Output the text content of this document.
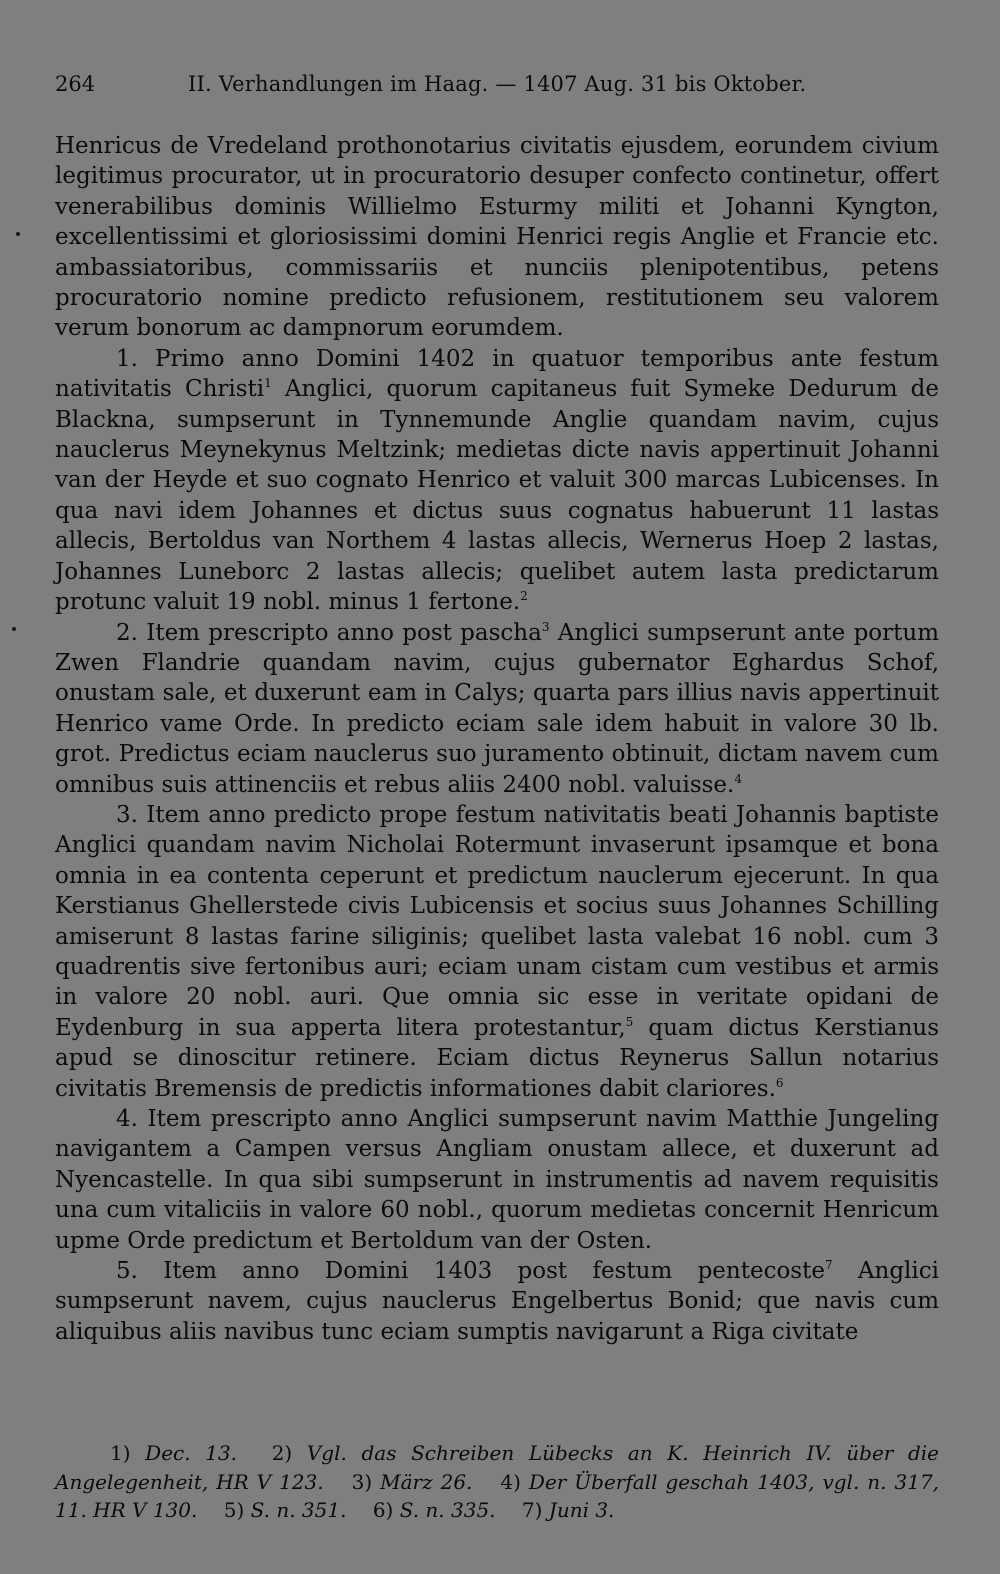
264	II. Verhandlungen im Haag. — 1407 Aug. 31 bis Oktober.

Henricus de Vredeland prothonotarius civitatis ejusdem, eorundem civium legitimus procurator, ut in procuratorio desuper confecto continetur, offert venerabilibus dominis Willielmo Esturmy militi et Johanni Kyngton, excellentissimi et gloriosissimi domini Henrici regis Anglie et Francie etc. ambassiatoribus, commissariis et nunciis plenipotentibus, petens procuratorio nomine predicto refusionem, restitutionem seu valorem verum bonorum ac dampnorum eorumdem.

1. Primo anno Domini 1402 in quatuor temporibus ante festum nativitatis Christi$^1$ Anglici, quorum capitaneus fuit Symeke Dedurum de Blackna, sumpserunt in Tynnemunde Anglie quandam navim, cujus nauclerus Meynekynus Meltzink; medietas dicte navis appertinuit Johanni van der Heyde et suo cognato Henrico et valuit 300 marcas Lubicenses. In qua navi idem Johannes et dictus suus cognatus habuerunt 11 lastas allecis, Bertoldus van Northem 4 lastas allecis, Wernerus Hoep 2 lastas, Johannes Luneborc 2 lastas allecis; quelibet autem lasta predictarum protunc valuit 19 nobl. minus 1 fertone.$^2$

2. Item prescripto anno post pascha$^3$ Anglici sumpserunt ante portum Zwen Flandrie quandam navim, cujus gubernator Eghardus Schof, onustam sale, et duxerunt eam in Calys; quarta pars illius navis appertinuit Henrico vame Orde. In predicto eciam sale idem habuit in valore 30 lb. grot. Predictus eciam nauclerus suo juramento obtinuit, dictam navem cum omnibus suis attinenciis et rebus aliis 2400 nobl. valuisse.$^4$

3. Item anno predicto prope festum nativitatis beati Johannis baptiste Anglici quandam navim Nicholai Rotermunt invaserunt ipsamque et bona omnia in ea contenta ceperunt et predictum nauclerum ejecerunt. In qua Kerstianus Ghellerstede civis Lubicensis et socius suus Johannes Schilling amiserunt 8 lastas farine siliginis; quelibet lasta valebat 16 nobl. cum 3 quadrentis sive fertonibus auri; eciam unam cistam cum vestibus et armis in valore 20 nobl. auri. Que omnia sic esse in veritate opidani de Eydenburg in sua apperta litera protestantur,$^5$ quam dictus Kerstianus apud se dinoscitur retinere. Eciam dictus Reynerus Sallun notarius civitatis Bremensis de predictis informationes dabit clariores.$^6$

4. Item prescripto anno Anglici sumpserunt navim Matthie Jungeling navigantem a Campen versus Angliam onustam allece, et duxerunt ad Nyencastelle. In qua sibi sumpserunt in instrumentis ad navem requisitis una cum vitaliciis in valore 60 nobl., quorum medietas concernit Henricum upme Orde predictum et Bertoldum van der Osten.

5. Item anno Domini 1403 post festum pentecoste$^7$ Anglici sumpserunt navem, cujus nauclerus Engelbertus Bonid; que navis cum aliquibus aliis navibus tunc eciam sumptis navigarunt a Riga civitate

1) Dec. 13.  2) Vgl. das Schreiben Lübecks an K. Heinrich IV. über die Angelegenheit, HR V 123.  3) März 26.  4) Der Überfall geschah 1403, vgl. n. 317, 11. HR V 130.  5) S. n. 351.  6) S. n. 335.  7) Juni 3.
